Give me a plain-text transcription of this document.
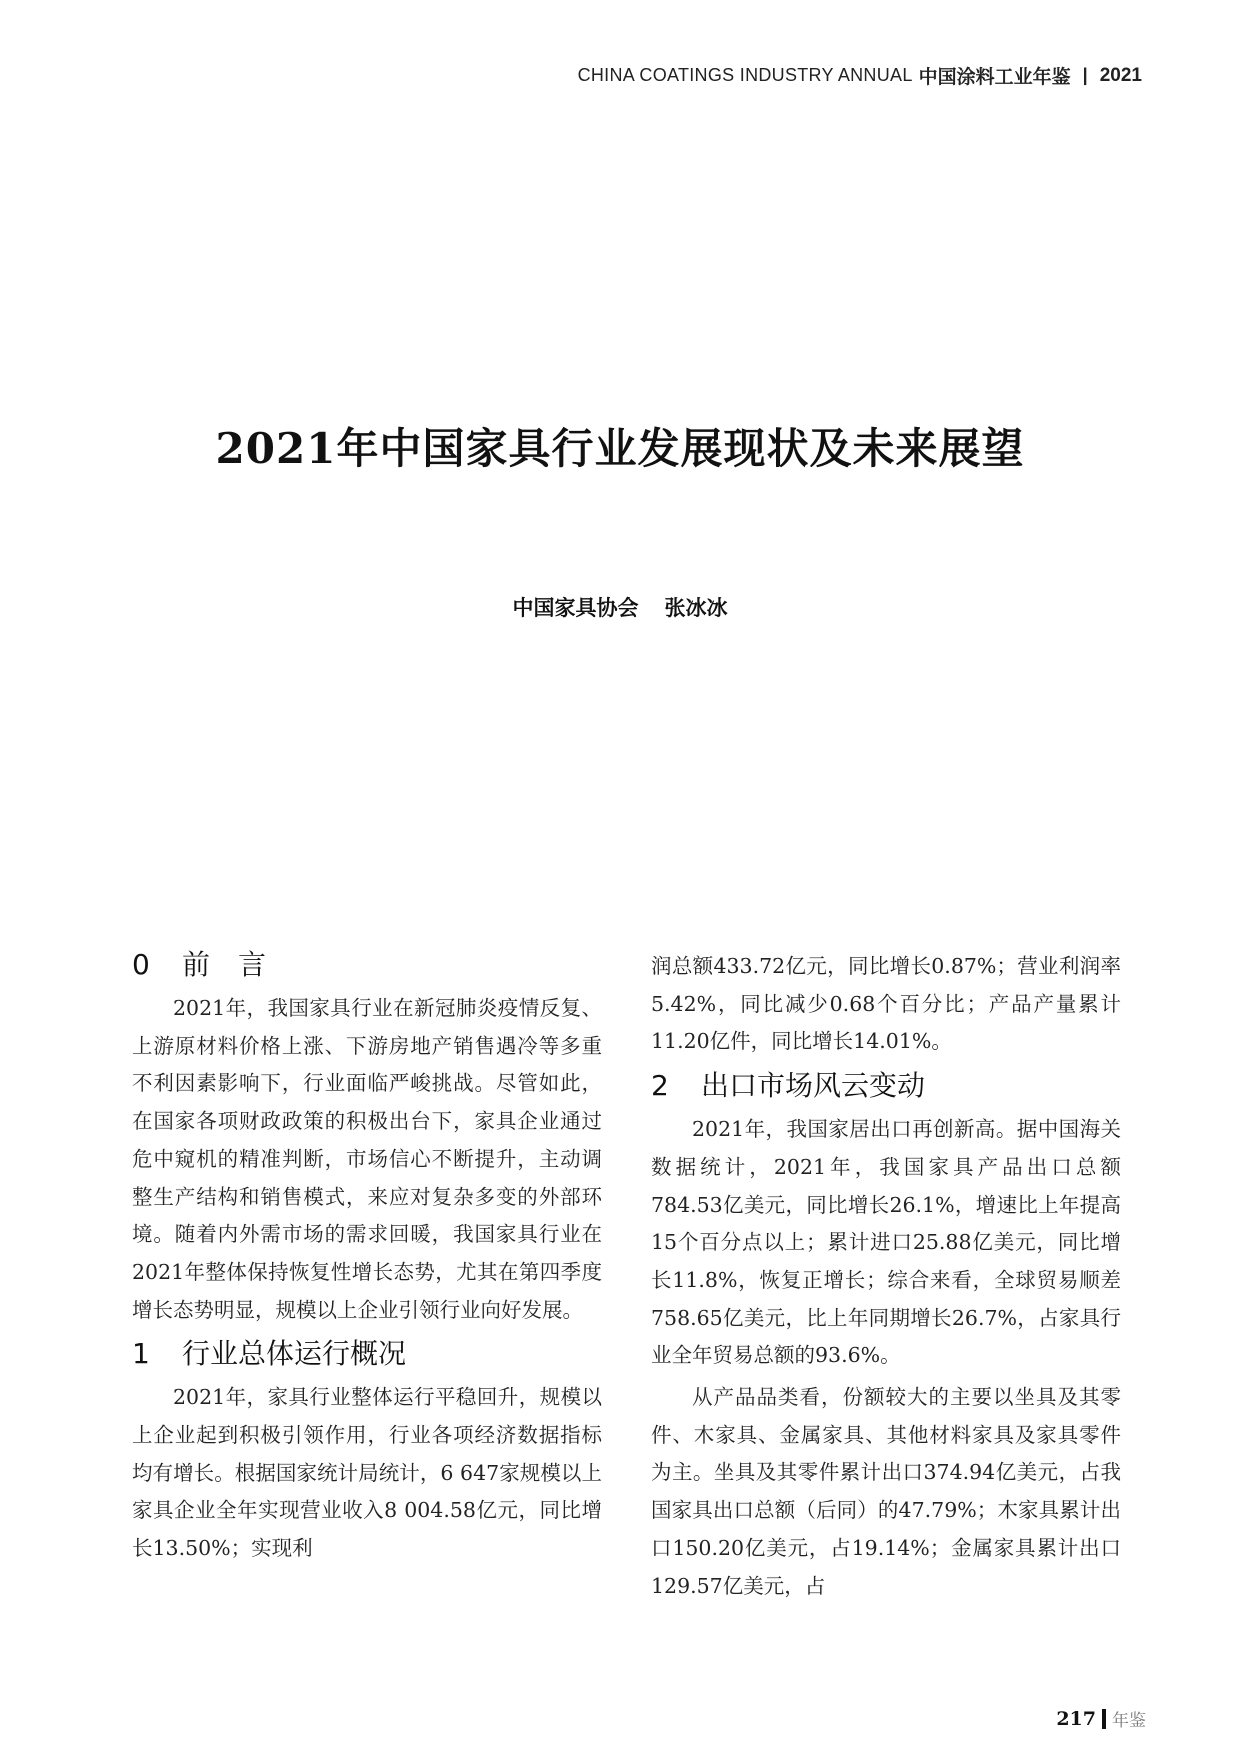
CHINA COATINGS INDUSTRY ANNUAL 中国涂料工业年鉴 | 2021
2021年中国家具行业发展现状及未来展望
中国家具协会 张冰冰
0 前　言

2021年，我国家具行业在新冠肺炎疫情反复、上游原材料价格上涨、下游房地产销售遇冷等多重不利因素影响下，行业面临严峻挑战。尽管如此，在国家各项财政政策的积极出台下，家具企业通过危中窥机的精准判断，市场信心不断提升，主动调整生产结构和销售模式，来应对复杂多变的外部环境。随着内外需市场的需求回暖，我国家具行业在2021年整体保持恢复性增长态势，尤其在第四季度增长态势明显，规模以上企业引领行业向好发展。

1 行业总体运行概况

2021年，家具行业整体运行平稳回升，规模以上企业起到积极引领作用，行业各项经济数据指标均有增长。根据国家统计局统计，6 647家规模以上家具企业全年实现营业收入8 004.58亿元，同比增长13.50%；实现利

润总额433.72亿元，同比增长0.87%；营业利润率5.42%，同比减少0.68个百分比；产品产量累计11.20亿件，同比增长14.01%。

2 出口市场风云变动

2021年，我国家居出口再创新高。据中国海关数据统计，2021年，我国家具产品出口总额784.53亿美元，同比增长26.1%，增速比上年提高15个百分点以上；累计进口25.88亿美元，同比增长11.8%，恢复正增长；综合来看，全球贸易顺差758.65亿美元，比上年同期增长26.7%，占家具行业全年贸易总额的93.6%。

从产品品类看，份额较大的主要以坐具及其零件、木家具、金属家具、其他材料家具及家具零件为主。坐具及其零件累计出口374.94亿美元，占我国家具出口总额（后同）的47.79%；木家具累计出口150.20亿美元，占19.14%；金属家具累计出口129.57亿美元，占

217 年鉴
